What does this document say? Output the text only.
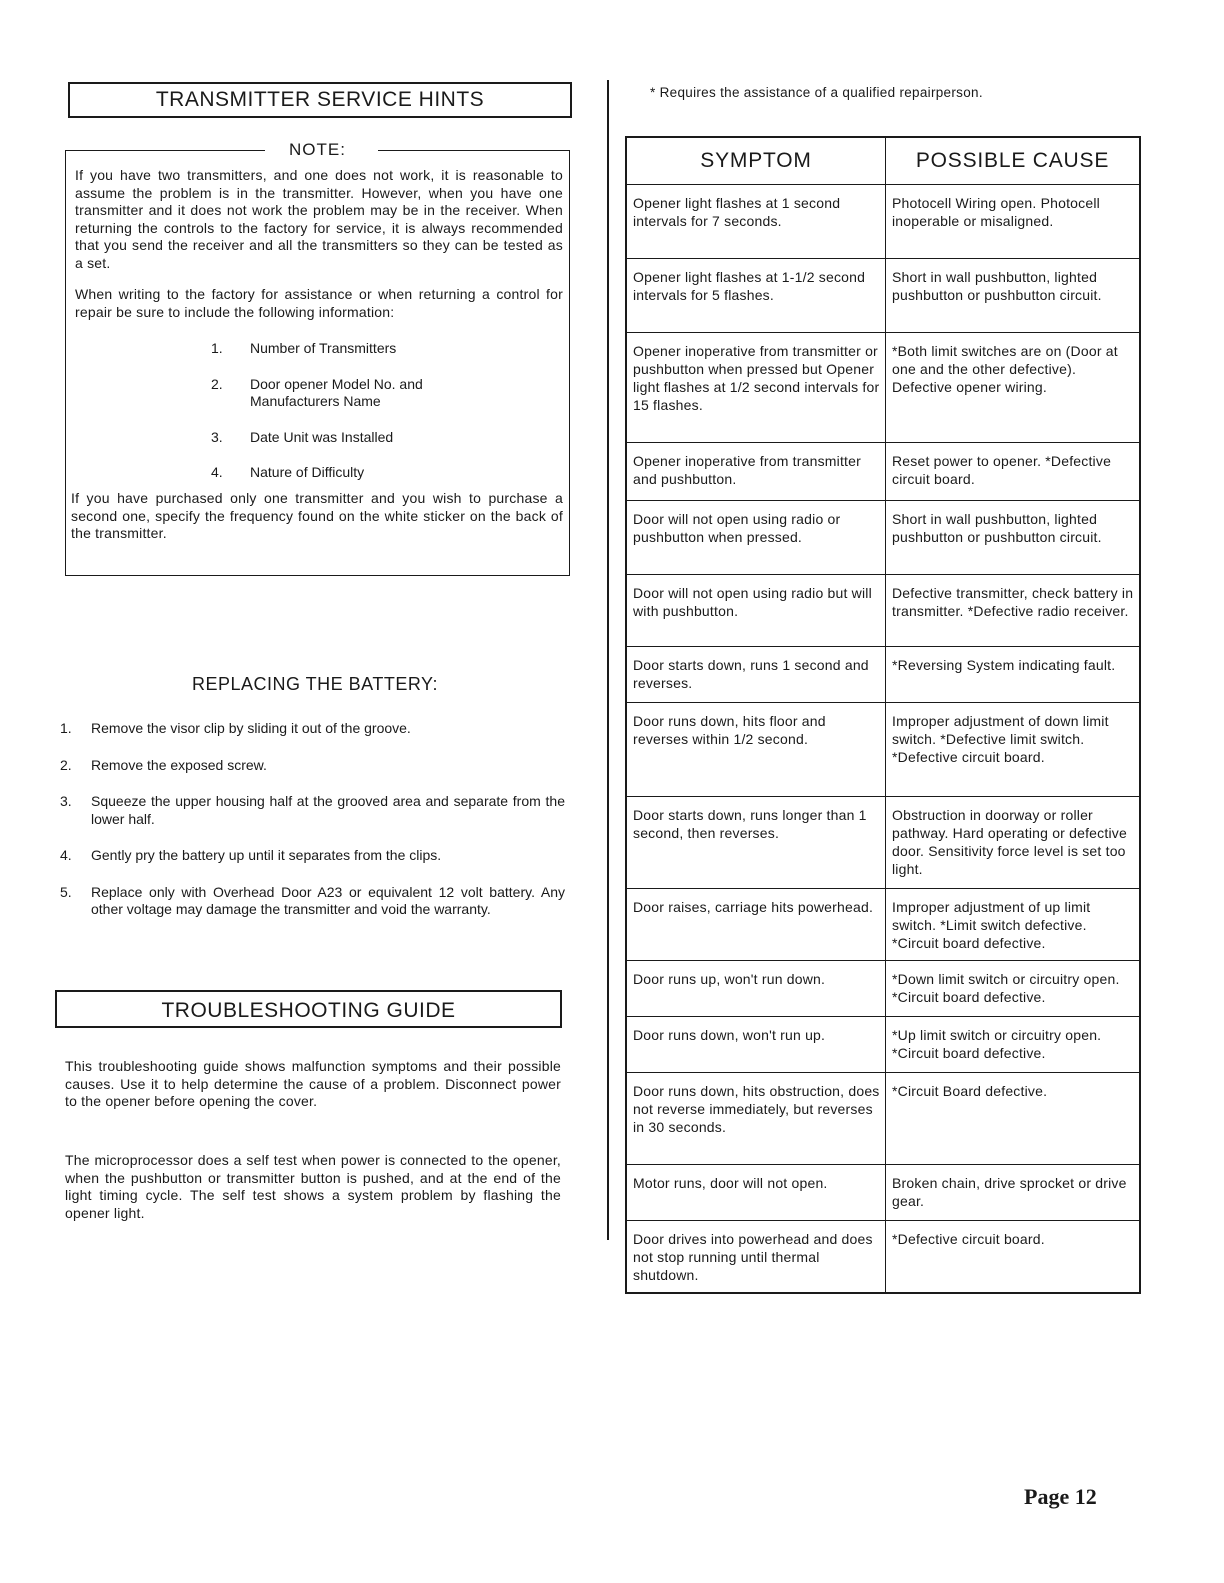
TRANSMITTER SERVICE HINTS
NOTE:
If you have two transmitters, and one does not work, it is reasonable to assume the problem is in the transmitter. However, when you have one transmitter and it does not work the problem may be in the receiver. When returning the controls to the factory for service, it is always recommended that you send the receiver and all the transmitters so they can be tested as a set.
When writing to the factory for assistance or when returning a control for repair be sure to include the following information:
1.	Number of Transmitters
2.	Door opener Model No. and Manufacturers Name
3.	Date Unit was Installed
4.	Nature of Difficulty
If you have purchased only one transmitter and you wish to purchase a second one, specify the frequency found on the white sticker on the back of the transmitter.
REPLACING THE BATTERY:
1.	Remove the visor clip by sliding it out of the groove.
2.	Remove the exposed screw.
3.	Squeeze the upper housing half at the grooved area and separate from the lower half.
4.	Gently pry the battery up until it separates from the clips.
5.	Replace only with Overhead Door A23 or equivalent 12 volt battery. Any other voltage may damage the transmitter and void the warranty.
TROUBLESHOOTING GUIDE
This troubleshooting guide shows malfunction symptoms and their possible causes. Use it to help determine the cause of a problem. Disconnect power to the opener before opening the cover.
The microprocessor does a self test when power is connected to the opener, when the pushbutton or transmitter button is pushed, and at the end of the light timing cycle. The self test shows a system problem by flashing the opener light.
* Requires the assistance of a qualified repairperson.
SYMPTOM	POSSIBLE CAUSE
Opener light flashes at 1 second intervals for 7 seconds.	Photocell Wiring open. Photocell inoperable or misaligned.
Opener light flashes at 1-1/2 second intervals for 5 flashes.	Short in wall pushbutton, lighted pushbutton or pushbutton circuit.
Opener inoperative from transmitter or pushbutton when pressed but Opener light flashes at 1/2 second intervals for 15 flashes.	*Both limit switches are on (Door at one and the other defective). Defective opener wiring.
Opener inoperative from transmitter and pushbutton.	Reset power to opener. *Defective circuit board.
Door will not open using radio or pushbutton when pressed.	Short in wall pushbutton, lighted pushbutton or pushbutton circuit.
Door will not open using radio but will with pushbutton.	Defective transmitter, check battery in transmitter. *Defective radio receiver.
Door starts down, runs 1 second and reverses.	*Reversing System indicating fault.
Door runs down, hits floor and reverses within 1/2 second.	Improper adjustment of down limit switch. *Defective limit switch. *Defective circuit board.
Door starts down, runs longer than 1 second, then reverses.	Obstruction in doorway or roller pathway. Hard operating or defective door. Sensitivity force level is set too light.
Door raises, carriage hits powerhead.	Improper adjustment of up limit switch. *Limit switch defective. *Circuit board defective.
Door runs up, won't run down.	*Down limit switch or circuitry open. *Circuit board defective.
Door runs down, won't run up.	*Up limit switch or circuitry open. *Circuit board defective.
Door runs down, hits obstruction, does not reverse immediately, but reverses in 30 seconds.	*Circuit Board defective.
Motor runs, door will not open.	Broken chain, drive sprocket or drive gear.
Door drives into powerhead and does not stop running until thermal shutdown.	*Defective circuit board.
Page 12
